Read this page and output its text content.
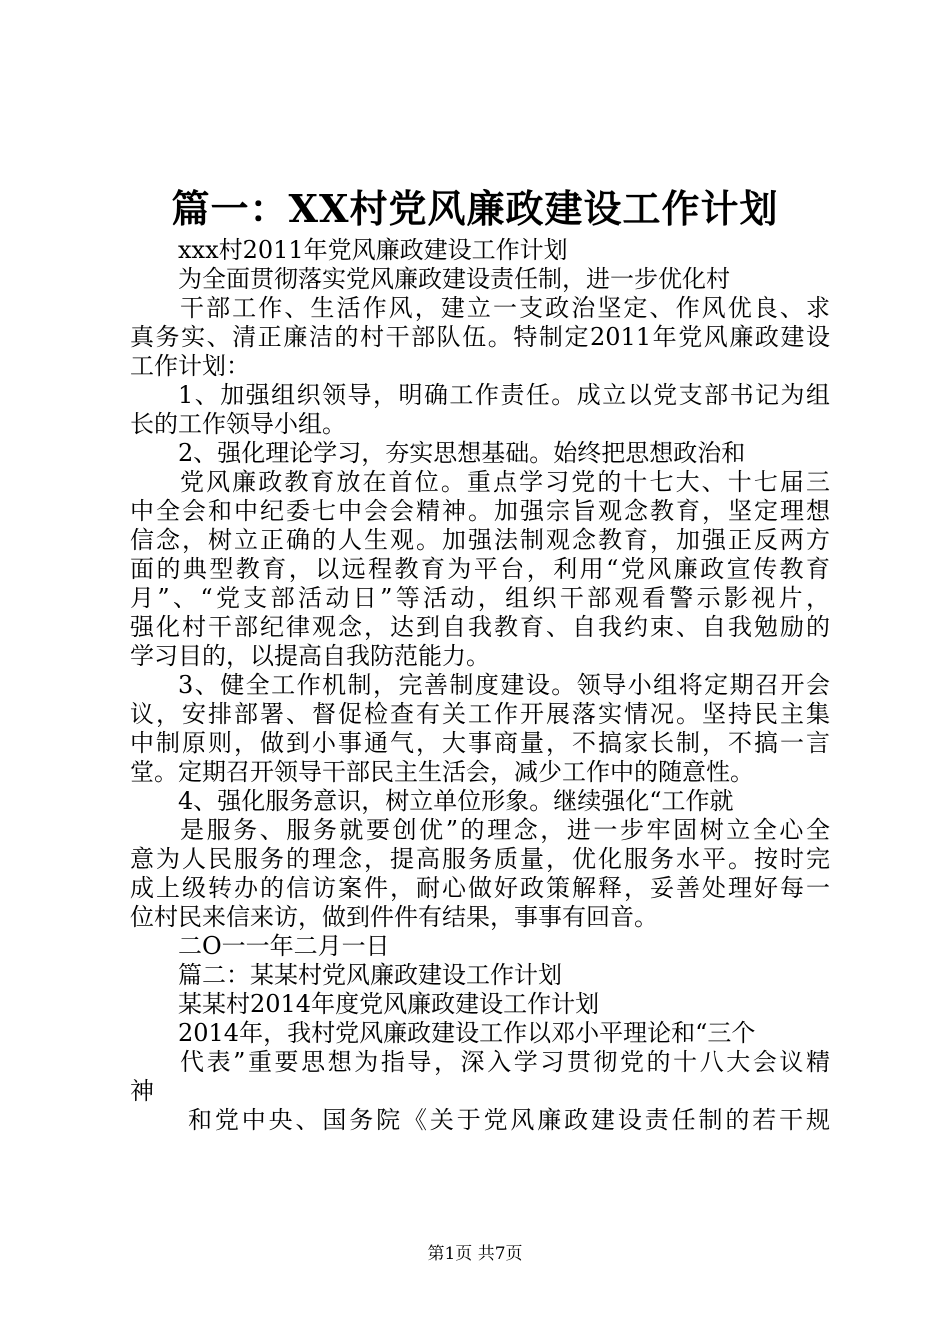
篇一：XX村党风廉政建设工作计划
xxx村2011年党风廉政建设工作计划
为全面贯彻落实党风廉政建设责任制，进一步优化村
干部工作、生活作风，建立一支政治坚定、作风优良、求
真务实、清正廉洁的村干部队伍。特制定2011年党风廉政建设
工作计划：
1、加强组织领导，明确工作责任。成立以党支部书记为组
长的工作领导小组。
2、强化理论学习，夯实思想基础。始终把思想政治和
党风廉政教育放在首位。重点学习党的十七大、十七届三
中全会和中纪委七中会会精神。加强宗旨观念教育，坚定理想
信念，树立正确的人生观。加强法制观念教育，加强正反两方
面的典型教育，以远程教育为平台，利用“党风廉政宣传教育
月”、“党支部活动日”等活动，组织干部观看警示影视片，
强化村干部纪律观念，达到自我教育、自我约束、自我勉励的
学习目的，以提高自我防范能力。
3、健全工作机制，完善制度建设。领导小组将定期召开会
议，安排部署、督促检查有关工作开展落实情况。坚持民主集
中制原则，做到小事通气，大事商量，不搞家长制，不搞一言
堂。定期召开领导干部民主生活会，减少工作中的随意性。
4、强化服务意识，树立单位形象。继续强化“工作就
是服务、服务就要创优”的理念，进一步牢固树立全心全
意为人民服务的理念，提高服务质量，优化服务水平。按时完
成上级转办的信访案件，耐心做好政策解释，妥善处理好每一
位村民来信来访，做到件件有结果，事事有回音。
二O一一年二月一日
篇二：某某村党风廉政建设工作计划
某某村2014年度党风廉政建设工作计划
2014年，我村党风廉政建设工作以邓小平理论和“三个
代表”重要思想为指导，深入学习贯彻党的十八大会议精
神
和党中央、国务院《关于党风廉政建设责任制的若干规
第1页 共7页
